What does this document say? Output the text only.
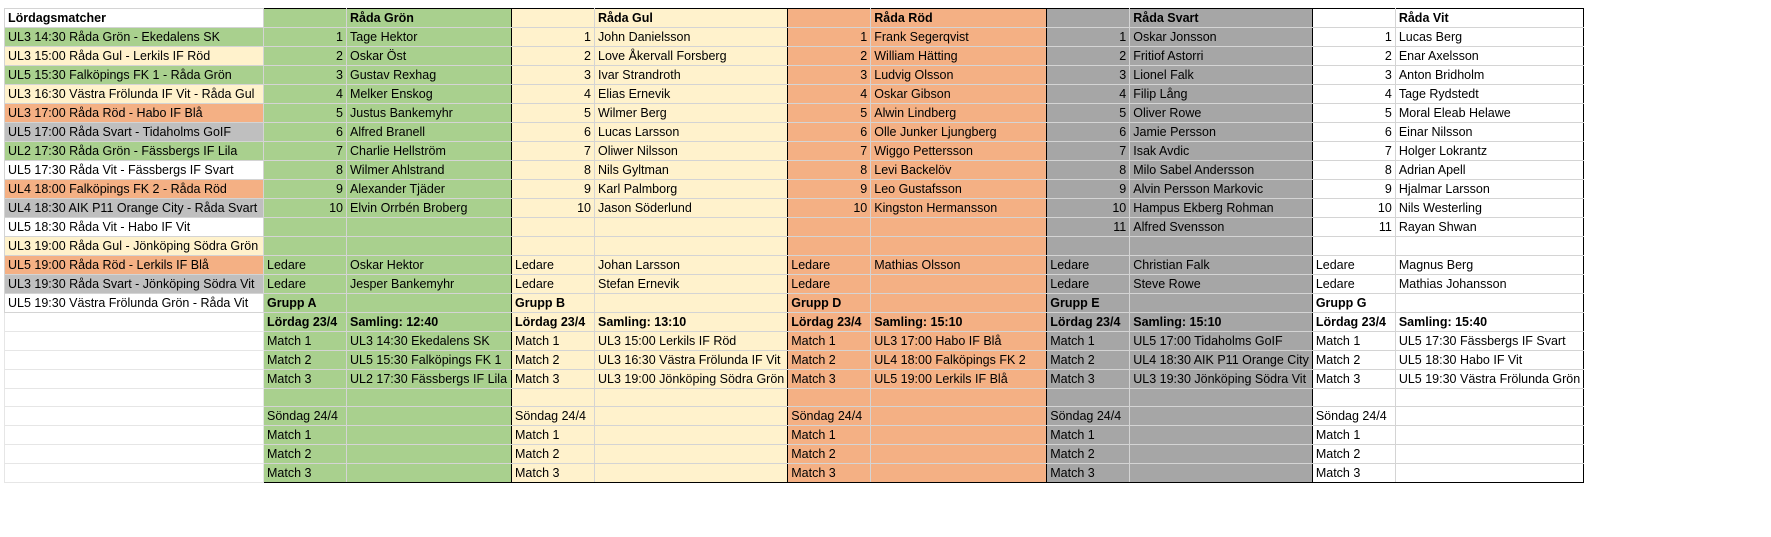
Lördagsmatcher		Råda Grön		Råda Gul		Råda Röd		Råda Svart		Råda Vit
UL3 14:30 Råda Grön - Ekedalens SK	1	Tage Hektor	1	John Danielsson	1	Frank Segerqvist	1	Oskar Jonsson	1	Lucas Berg
UL3 15:00 Råda Gul - Lerkils IF Röd	2	Oskar Öst	2	Love Åkervall Forsberg	2	William Hätting	2	Fritiof Astorri	2	Enar Axelsson
UL5 15:30 Falköpings FK 1 - Råda Grön	3	Gustav Rexhag	3	Ivar Strandroth	3	Ludvig Olsson	3	Lionel Falk	3	Anton Bridholm
UL3 16:30 Västra Frölunda IF Vit - Råda Gul	4	Melker Enskog	4	Elias Ernevik	4	Oskar Gibson	4	Filip Lång	4	Tage Rydstedt
UL3 17:00 Råda Röd - Habo IF Blå	5	Justus Bankemyhr	5	Wilmer Berg	5	Alwin Lindberg	5	Oliver Rowe	5	Moral Eleab Helawe
UL5 17:00 Råda Svart - Tidaholms GoIF	6	Alfred Branell	6	Lucas Larsson	6	Olle Junker Ljungberg	6	Jamie Persson	6	Einar Nilsson
UL2 17:30 Råda Grön - Fässbergs IF Lila	7	Charlie Hellström	7	Oliwer Nilsson	7	Wiggo Pettersson	7	Isak Avdic	7	Holger Lokrantz
UL5 17:30 Råda Vit - Fässbergs IF Svart	8	Wilmer Ahlstrand	8	Nils Gyltman	8	Levi Backelöv	8	Milo Sabel Andersson	8	Adrian Apell
UL4 18:00 Falköpings FK 2 - Råda Röd	9	Alexander Tjäder	9	Karl Palmborg	9	Leo Gustafsson	9	Alvin Persson Markovic	9	Hjalmar Larsson
UL4 18:30 AIK P11 Orange City - Råda Svart	10	Elvin Orrbén Broberg	10	Jason Söderlund	10	Kingston Hermansson	10	Hampus Ekberg Rohman	10	Nils Westerling
UL5 18:30 Råda Vit - Habo IF Vit							11	Alfred Svensson	11	Rayan Shwan
UL3 19:00 Råda Gul - Jönköping Södra Grön										
UL5 19:00 Råda Röd - Lerkils IF Blå	Ledare	Oskar Hektor	Ledare	Johan Larsson	Ledare	Mathias Olsson	Ledare	Christian Falk	Ledare	Magnus Berg
UL3 19:30 Råda Svart - Jönköping Södra Vit	Ledare	Jesper Bankemyhr	Ledare	Stefan Ernevik	Ledare		Ledare	Steve Rowe	Ledare	Mathias Johansson
UL5 19:30 Västra Frölunda Grön - Råda Vit	Grupp A		Grupp B		Grupp D		Grupp E		Grupp G	
	Lördag 23/4	Samling: 12:40	Lördag 23/4	Samling: 13:10	Lördag 23/4	Samling: 15:10	Lördag 23/4	Samling: 15:10	Lördag 23/4	Samling: 15:40
	Match 1	UL3 14:30 Ekedalens SK	Match 1	UL3 15:00 Lerkils IF Röd	Match 1	UL3 17:00 Habo IF Blå	Match 1	UL5 17:00 Tidaholms GoIF	Match 1	UL5 17:30 Fässbergs IF Svart
	Match 2	UL5 15:30 Falköpings FK 1	Match 2	UL3 16:30 Västra Frölunda IF Vit	Match 2	UL4 18:00 Falköpings FK 2	Match 2	UL4 18:30 AIK P11 Orange City	Match 2	UL5 18:30 Habo IF Vit
	Match 3	UL2 17:30 Fässbergs IF Lila	Match 3	UL3 19:00 Jönköping Södra Grön	Match 3	UL5 19:00 Lerkils IF Blå	Match 3	UL3 19:30 Jönköping Södra Vit	Match 3	UL5 19:30 Västra Frölunda Grön

	Söndag 24/4		Söndag 24/4		Söndag 24/4		Söndag 24/4		Söndag 24/4	
	Match 1		Match 1		Match 1		Match 1		Match 1	
	Match 2		Match 2		Match 2		Match 2		Match 2	
	Match 3		Match 3		Match 3		Match 3		Match 3	
